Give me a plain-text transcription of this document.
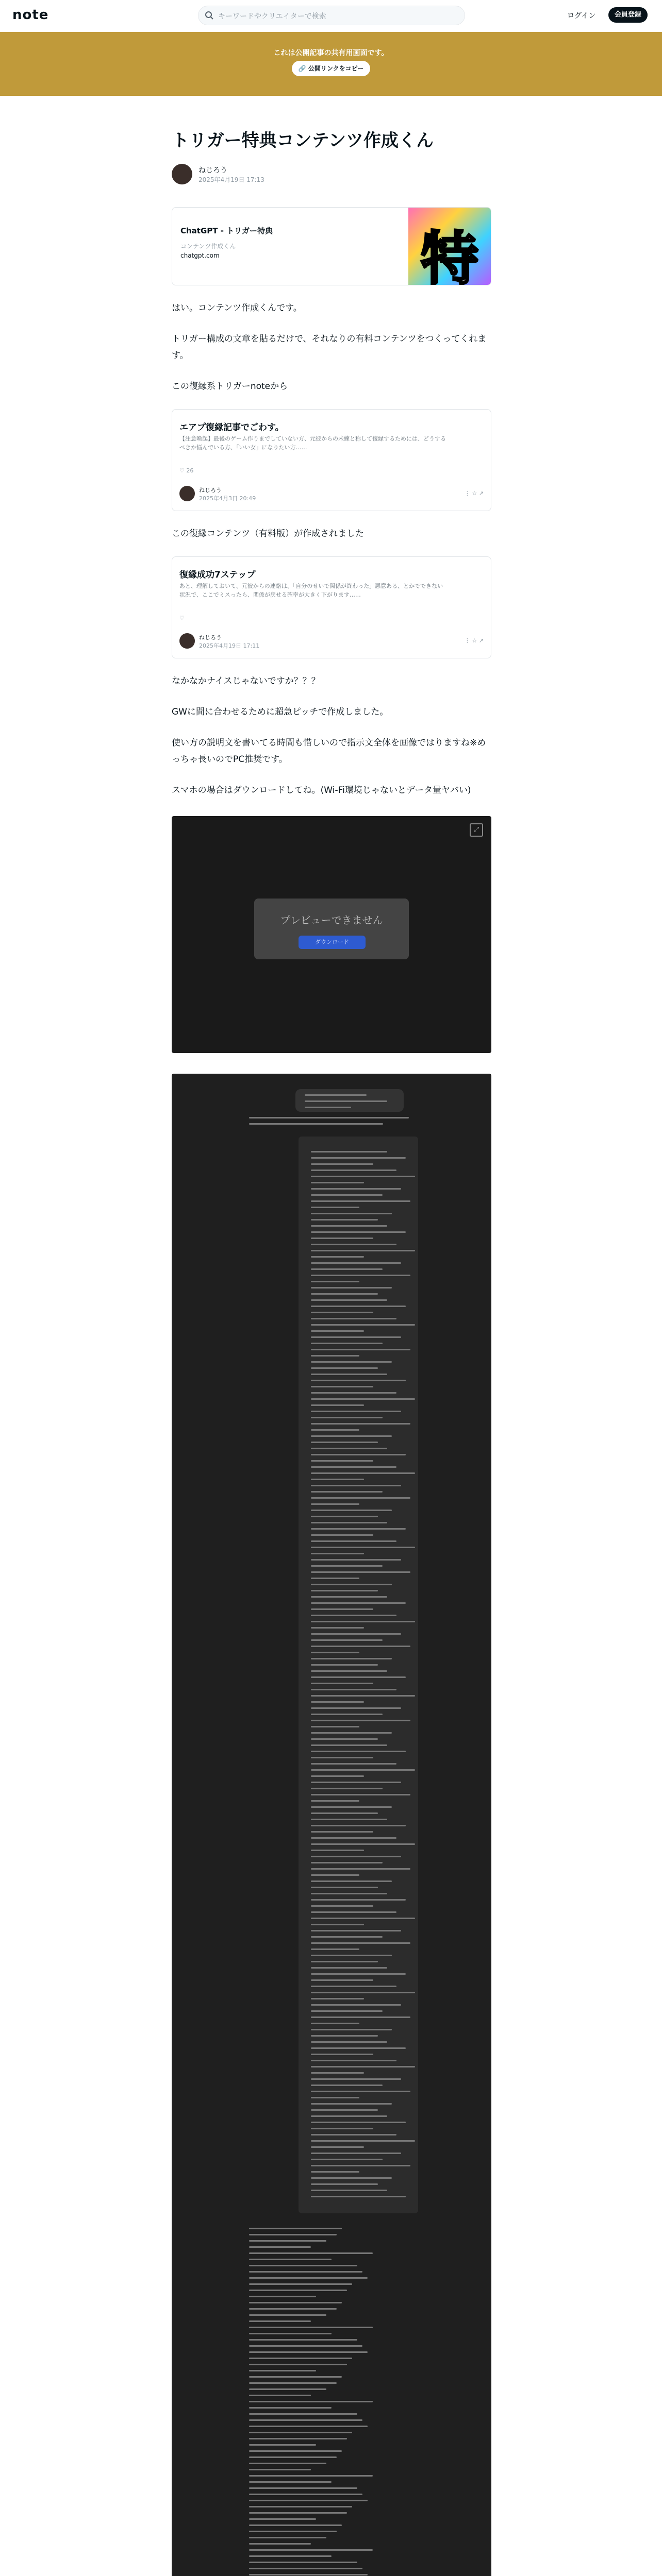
note	キーワードやクリエイターで検索	ログイン	会員登録
これは公開記事の共有用画面です。
🔗 公開リンクをコピー
トリガー特典コンテンツ作成くん
ねじろう
2025年4月19日 17:13
ChatGPT - トリガー特典
コンテンツ作成くん
chatgpt.com	特

はい。コンテンツ作成くんです。

トリガー構成の文章を貼るだけで、それなりの有料コンテンツをつくってくれます。

この復縁系トリガーnoteから

エアプ復縁記事でごわす。
【注意喚起】最後のゲーム作りまでしていない方、元彼からの未練と称して復縁するためには、どうするべきか悩んでいる方、「いい女」になりたい方……
♡ 26
ねじろう
2025年4月3日 20:49
⋮ ☆ ↗

この復縁コンテンツ（有料版）が作成されました

復縁成功7ステップ
あと、理解しておいて、元彼からの連絡は、「自分のせいで関係が終わった」悪意ある、とかでできない状況で、ここでミスったら、関係が戻せる確率が大きく下がります……
♡
ねじろう
2025年4月19日 17:11
⋮ ☆ ↗

なかなかナイスじゃないですか？？？

GWに間に合わせるために超急ピッチで作成しました。

使い方の説明文を書いてる時間も惜しいので指示文全体を画像ではりますね※めっちゃ長いのでPC推奨です。

スマホの場合はダウンロードしてね。(Wi-Fi環境じゃないとデータ量ヤバい)

⤢
プレビューできません
ダウンロード
